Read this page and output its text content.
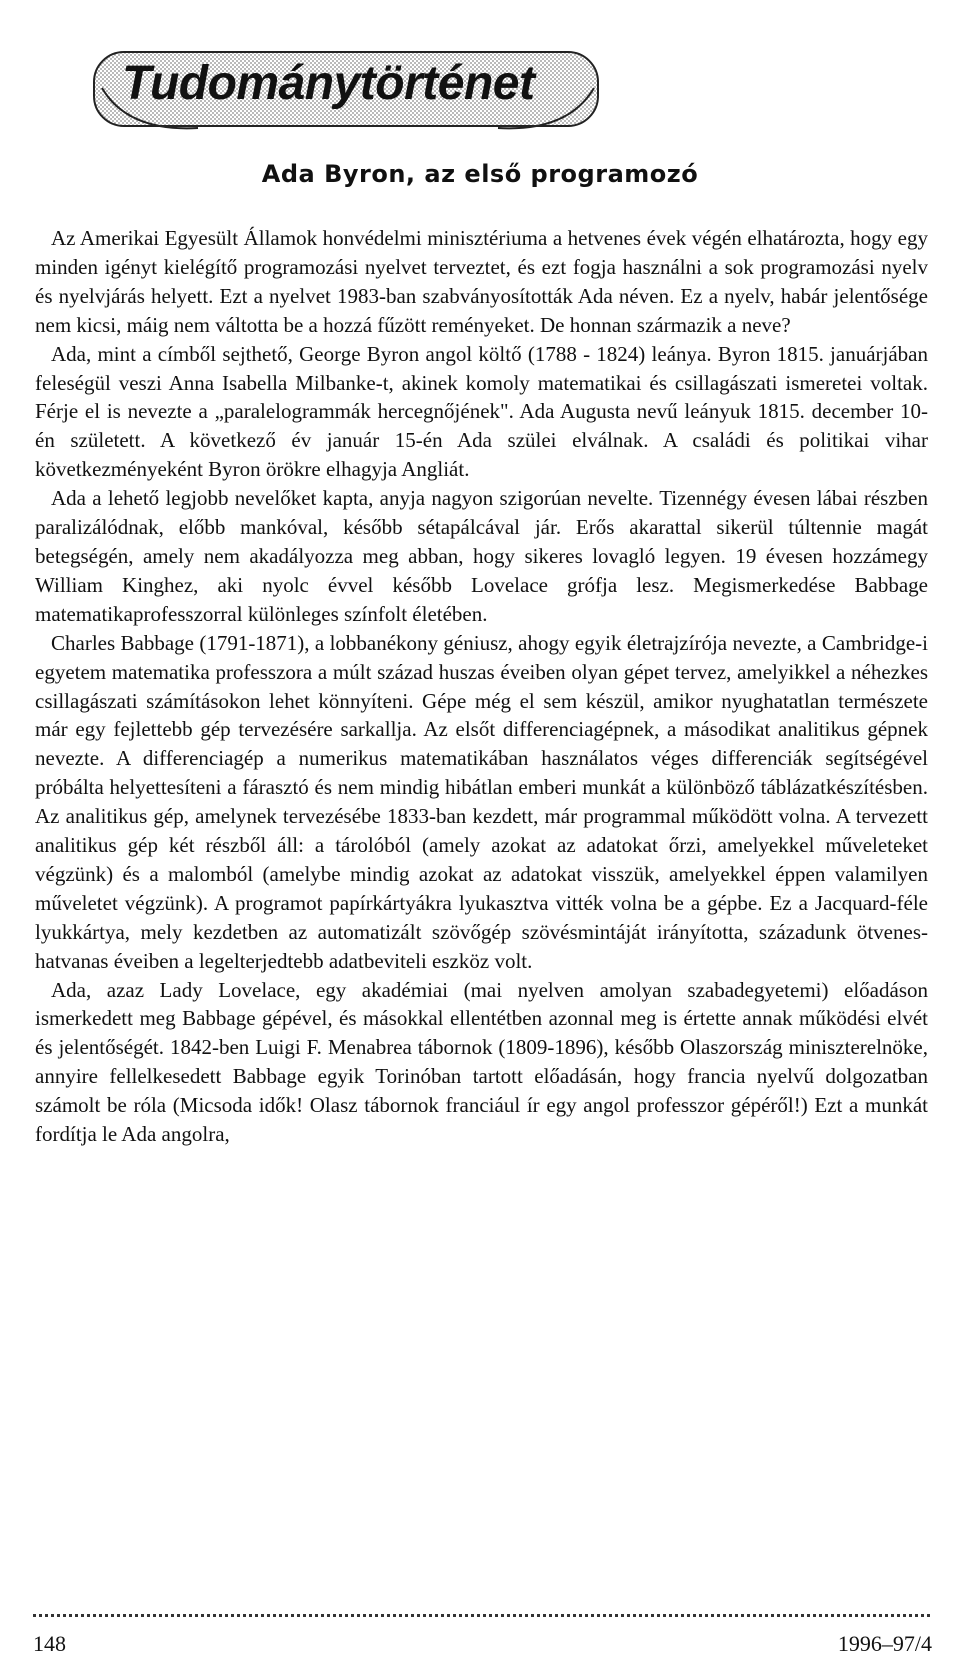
Tudománytörténet
Ada Byron, az első programozó

Az Amerikai Egyesült Államok honvédelmi minisztériuma a hetvenes évek végén elhatározta, hogy egy minden igényt kielégítő programozási nyelvet terveztet, és ezt fogja használni a sok programozási nyelv és nyelvjárás helyett. Ezt a nyelvet 1983-ban szabványosították Ada néven. Ez a nyelv, habár jelentősége nem kicsi, máig nem váltotta be a hozzá fűzött reményeket. De honnan származik a neve?

Ada, mint a címből sejthető, George Byron angol költő (1788 - 1824) leánya. Byron 1815. januárjában feleségül veszi Anna Isabella Milbanke-t, akinek komoly matematikai és csillagászati ismeretei voltak. Férje el is nevezte a „paralelogrammák hercegnőjének". Ada Augusta nevű leányuk 1815. december 10-én született. A következő év január 15-én Ada szülei elválnak. A családi és politikai vihar következményeként Byron örökre elhagyja Angliát.

Ada a lehető legjobb nevelőket kapta, anyja nagyon szigorúan nevelte. Tizennégy évesen lábai részben paralizálódnak, előbb mankóval, később sétapálcával jár. Erős akarattal sikerül túltennie magát betegségén, amely nem akadályozza meg abban, hogy sikeres lovagló legyen. 19 évesen hozzámegy William Kinghez, aki nyolc évvel később Lovelace grófja lesz. Megismerkedése Babbage matematikaprofesszorral különleges színfolt életében.

Charles Babbage (1791-1871), a lobbanékony géniusz, ahogy egyik életrajzírója nevezte, a Cambridge-i egyetem matematika professzora a múlt század huszas éveiben olyan gépet tervez, amelyikkel a néhezkes csillagászati számításokon lehet könnyíteni. Gépe még el sem készül, amikor nyughatatlan természete már egy fejlettebb gép tervezésére sarkallja. Az elsőt differenciagépnek, a másodikat analitikus gépnek nevezte. A differenciagép a numerikus matematikában használatos véges differenciák segítségével próbálta helyettesíteni a fárasztó és nem mindig hibátlan emberi munkát a különböző táblázatkészítésben. Az analitikus gép, amelynek tervezésébe 1833-ban kezdett, már programmal működött volna. A tervezett analitikus gép két részből áll: a tárolóból (amely azokat az adatokat őrzi, amelyekkel műveleteket végzünk) és a malomból (amelybe mindig azokat az adatokat visszük, amelyekkel éppen valamilyen műveletet végzünk). A programot papírkártyákra lyukasztva vitték volna be a gépbe. Ez a Jacquard-féle lyukkártya, mely kezdetben az automatizált szövőgép szövésmintáját irányította, századunk ötvenes-hatvanas éveiben a legelterjedtebb adatbeviteli eszköz volt.

Ada, azaz Lady Lovelace, egy akadémiai (mai nyelven amolyan szabadegyetemi) előadáson ismerkedett meg Babbage gépével, és másokkal ellentétben azonnal meg is értette annak működési elvét és jelentőségét. 1842-ben Luigi F. Menabrea tábornok (1809-1896), később Olaszország miniszterelnöke, annyire fellelkesedett Babbage egyik Torinóban tartott előadásán, hogy francia nyelvű dolgozatban számolt be róla (Micsoda idők! Olasz tábornok franciául ír egy angol professzor gépéről!) Ezt a munkát fordítja le Ada angolra,

148	1996–97/4
